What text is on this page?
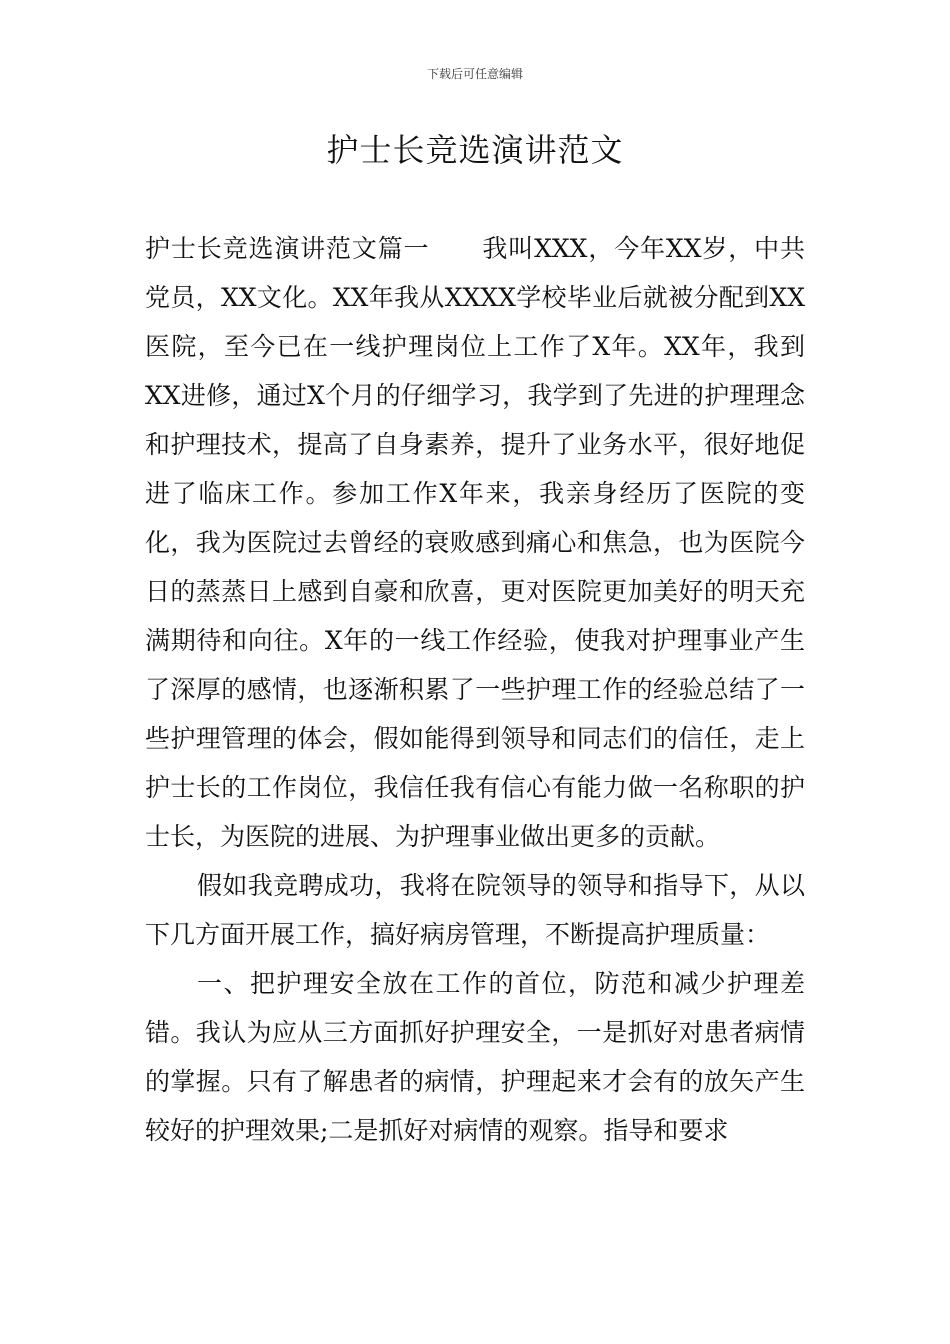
下载后可任意编辑
护士长竞选演讲范文

护士长竞选演讲范文篇一 我叫XXX，今年XX岁，中共党员，XX文化。XX年我从XXXX学校毕业后就被分配到XX医院，至今已在一线护理岗位上工作了X年。XX年，我到XX进修，通过X个月的仔细学习，我学到了先进的护理理念和护理技术，提高了自身素养，提升了业务水平，很好地促进了临床工作。参加工作X年来，我亲身经历了医院的变化，我为医院过去曾经的衰败感到痛心和焦急，也为医院今日的蒸蒸日上感到自豪和欣喜，更对医院更加美好的明天充满期待和向往。X年的一线工作经验，使我对护理事业产生了深厚的感情，也逐渐积累了一些护理工作的经验总结了一些护理管理的体会，假如能得到领导和同志们的信任，走上护士长的工作岗位，我信任我有信心有能力做一名称职的护士长，为医院的进展、为护理事业做出更多的贡献。

假如我竞聘成功，我将在院领导的领导和指导下，从以下几方面开展工作，搞好病房管理，不断提高护理质量：

一、把护理安全放在工作的首位，防范和减少护理差错。我认为应从三方面抓好护理安全，一是抓好对患者病情的掌握。只有了解患者的病情，护理起来才会有的放矢产生较好的护理效果;二是抓好对病情的观察。指导和要求
